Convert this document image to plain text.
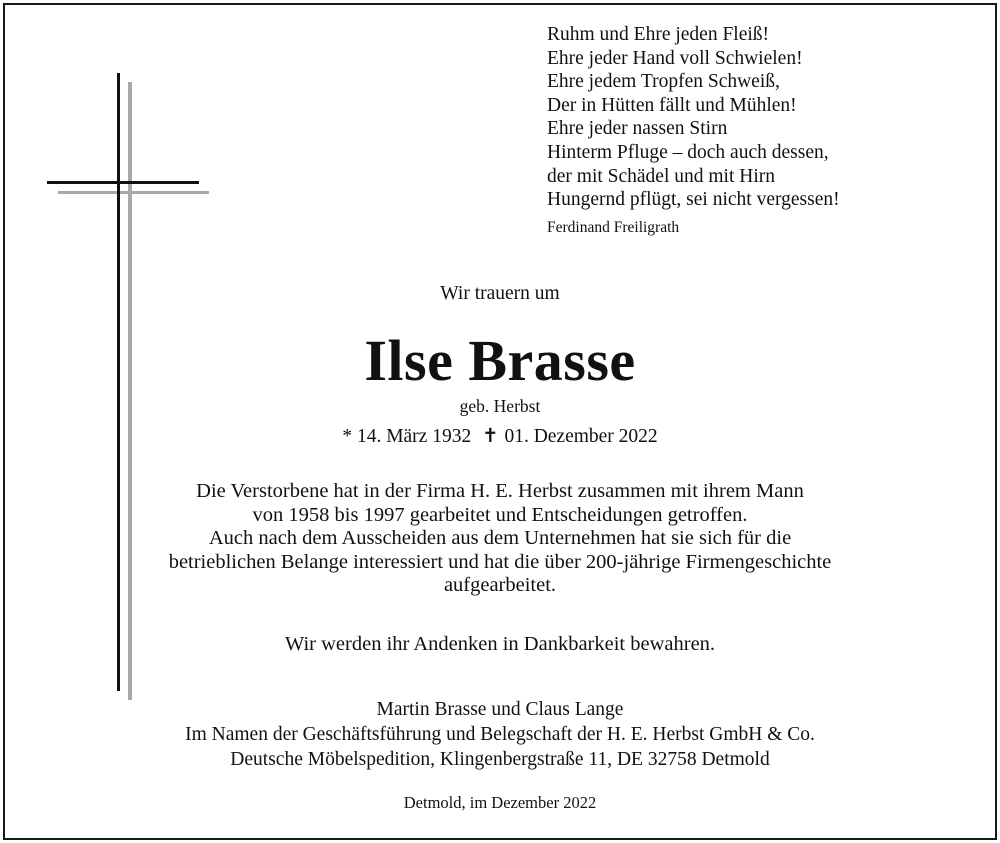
Ruhm und Ehre jeden Fleiß!
Ehre jeder Hand voll Schwielen!
Ehre jedem Tropfen Schweiß,
Der in Hütten fällt und Mühlen!
Ehre jeder nassen Stirn
Hinterm Pfluge – doch auch dessen,
der mit Schädel und mit Hirn
Hungernd pflügt, sei nicht vergessen!
Ferdinand Freiligrath
Wir trauern um
Ilse Brasse
geb. Herbst
* 14. März 1932 ✝ 01. Dezember 2022
Die Verstorbene hat in der Firma H. E. Herbst zusammen mit ihrem Mann
von 1958 bis 1997 gearbeitet und Entscheidungen getroffen.
Auch nach dem Ausscheiden aus dem Unternehmen hat sie sich für die
betrieblichen Belange interessiert und hat die über 200-jährige Firmengeschichte
aufgearbeitet.
Wir werden ihr Andenken in Dankbarkeit bewahren.
Martin Brasse und Claus Lange
Im Namen der Geschäftsführung und Belegschaft der H. E. Herbst GmbH & Co.
Deutsche Möbelspedition, Klingenbergstraße 11, DE 32758 Detmold
Detmold, im Dezember 2022
